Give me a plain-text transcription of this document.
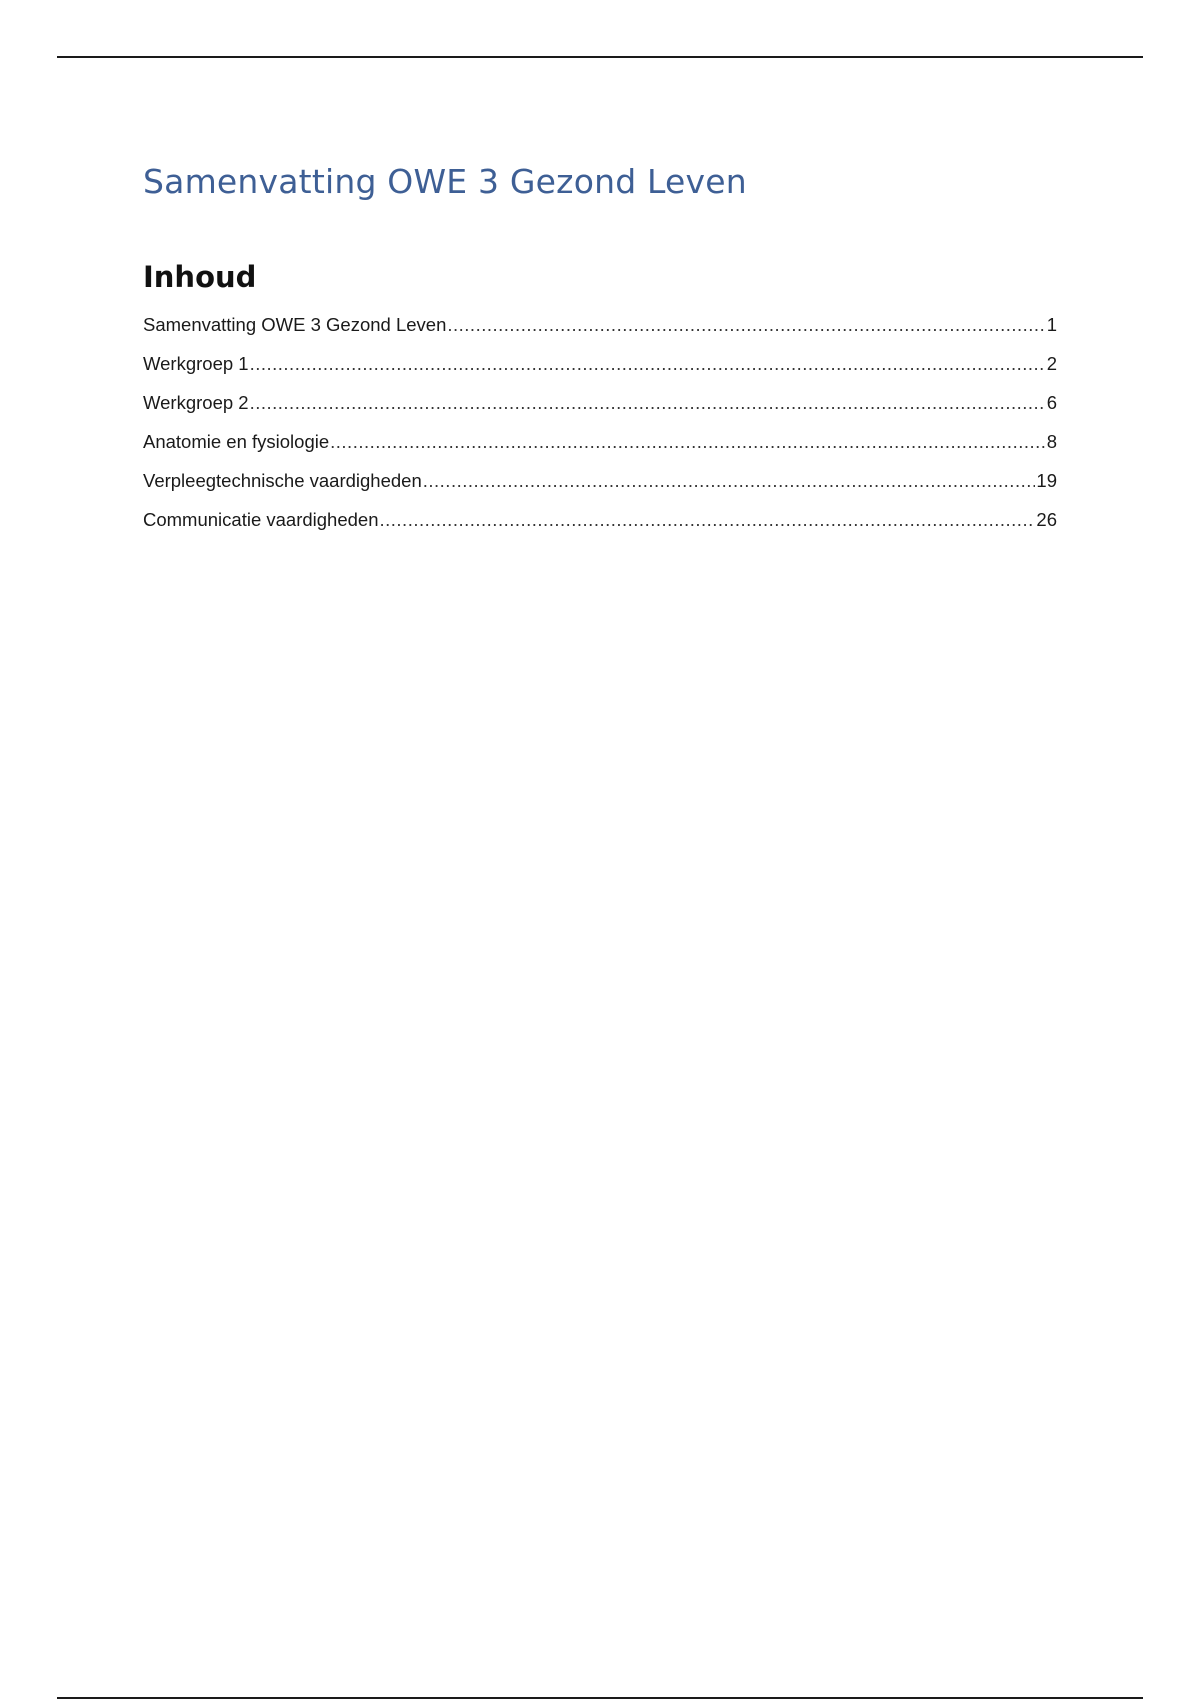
Samenvatting OWE 3 Gezond Leven
Inhoud
Samenvatting OWE 3 Gezond Leven .....	1
Werkgroep 1 .....	2
Werkgroep 2 .....	6
Anatomie en fysiologie .....	8
Verpleegtechnische vaardigheden .....	19
Communicatie vaardigheden .....	26
